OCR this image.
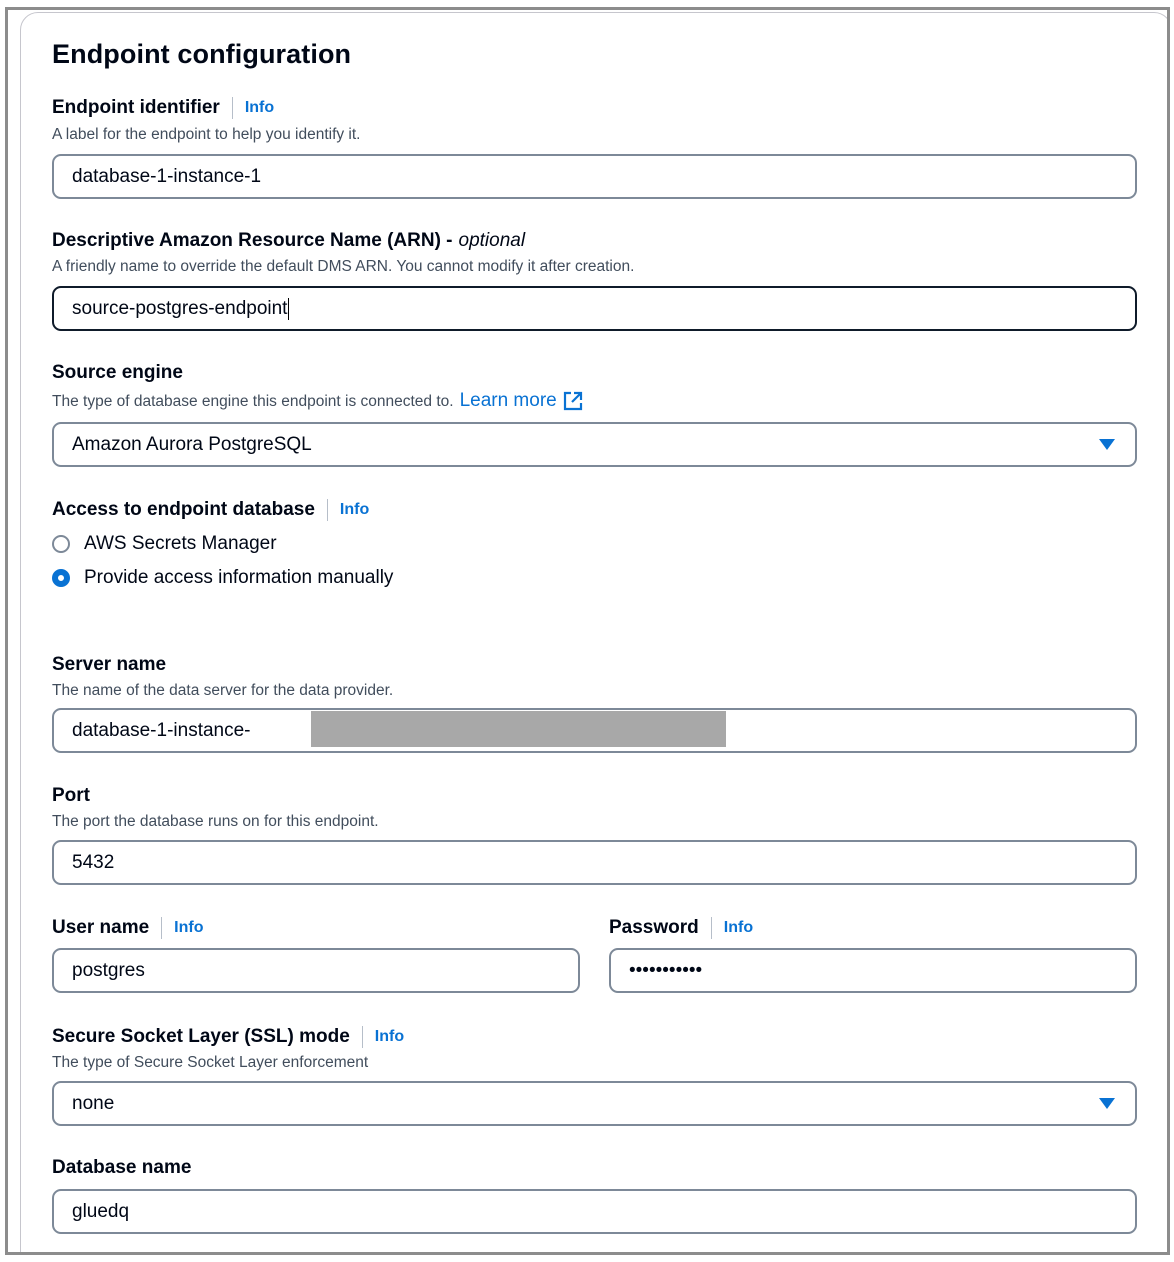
Endpoint configuration
Endpoint identifier Info
A label for the endpoint to help you identify it.
database-1-instance-1
Descriptive Amazon Resource Name (ARN) - optional
A friendly name to override the default DMS ARN. You cannot modify it after creation.
source-postgres-endpoint
Source engine
The type of database engine this endpoint is connected to. Learn more
Amazon Aurora PostgreSQL
Access to endpoint database Info
AWS Secrets Manager
Provide access information manually
Server name
The name of the data server for the data provider.
database-1-instance-
Port
The port the database runs on for this endpoint.
5432
User name Info
postgres
Password Info
•••••••••••
Secure Socket Layer (SSL) mode Info
The type of Secure Socket Layer enforcement
none
Database name
gluedq
